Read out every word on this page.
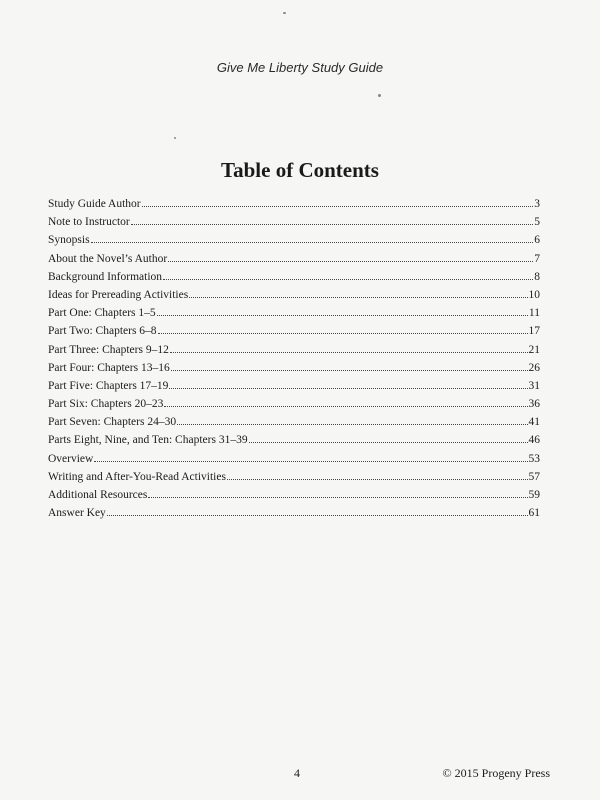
Give Me Liberty Study Guide
Table of Contents
Study Guide Author	3
Note to Instructor	5
Synopsis	6
About the Novel’s Author	7
Background Information	8
Ideas for Prereading Activities	10
Part One: Chapters 1–5	11
Part Two: Chapters 6–8	17
Part Three: Chapters 9–12	21
Part Four: Chapters 13–16	26
Part Five: Chapters 17–19	31
Part Six: Chapters 20–23	36
Part Seven: Chapters 24–30	41
Parts Eight, Nine, and Ten: Chapters 31–39	46
Overview	53
Writing and After-You-Read Activities	57
Additional Resources	59
Answer Key	61
4	© 2015 Progeny Press
